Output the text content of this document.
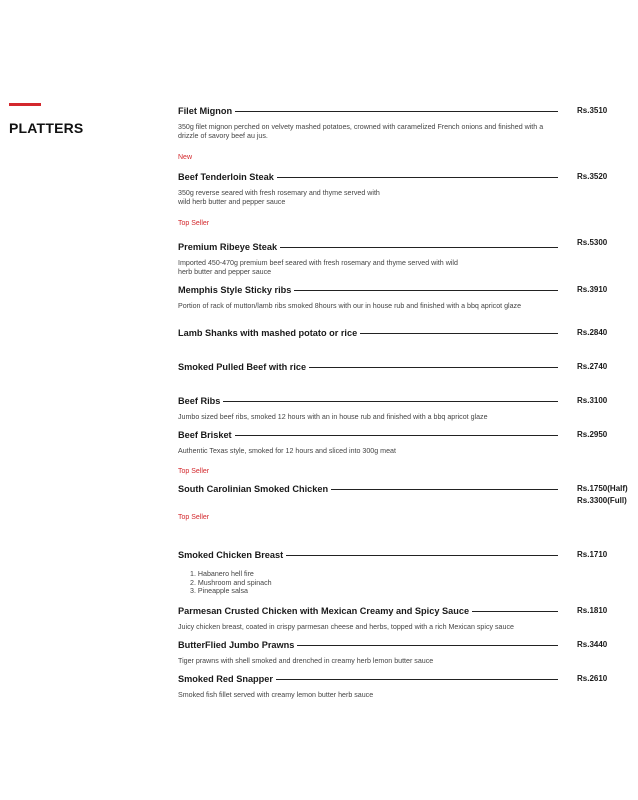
PLATTERS
Filet Mignon	Rs.3510
350g filet mignon perched on velvety mashed potatoes, crowned with caramelized French onions and finished with a drizzle of savory beef au jus.
New
Beef Tenderloin Steak	Rs.3520
350g reverse seared with fresh rosemary and thyme served with wild herb butter and pepper sauce
Top Seller
Premium Ribeye Steak	Rs.5300
Imported 450-470g premium beef seared with fresh rosemary and thyme served with wild herb butter and pepper sauce
Memphis Style Sticky ribs	Rs.3910
Portion of rack of mutton/lamb ribs smoked 8hours with our in house rub and finished with a bbq apricot glaze
Lamb Shanks with mashed potato or rice	Rs.2840
Smoked Pulled Beef with rice	Rs.2740
Beef Ribs	Rs.3100
Jumbo sized beef ribs, smoked 12 hours with an in house rub and finished with a bbq apricot glaze
Beef Brisket	Rs.2950
Authentic Texas style, smoked for 12 hours and sliced into 300g meat
Top Seller
South Carolinian Smoked Chicken	Rs.1750(Half)
Rs.3300(Full)
Top Seller
Smoked Chicken Breast	Rs.1710
1. Habanero hell fire
2. Mushroom and spinach
3. Pineapple salsa
Parmesan Crusted Chicken with Mexican Creamy and Spicy Sauce	Rs.1810
Juicy chicken breast, coated in crispy parmesan cheese and herbs, topped with a rich Mexican spicy sauce
ButterFlied Jumbo Prawns	Rs.3440
Tiger prawns with shell smoked and drenched in creamy herb lemon butter sauce
Smoked Red Snapper	Rs.2610
Smoked fish fillet served with creamy lemon butter herb sauce
